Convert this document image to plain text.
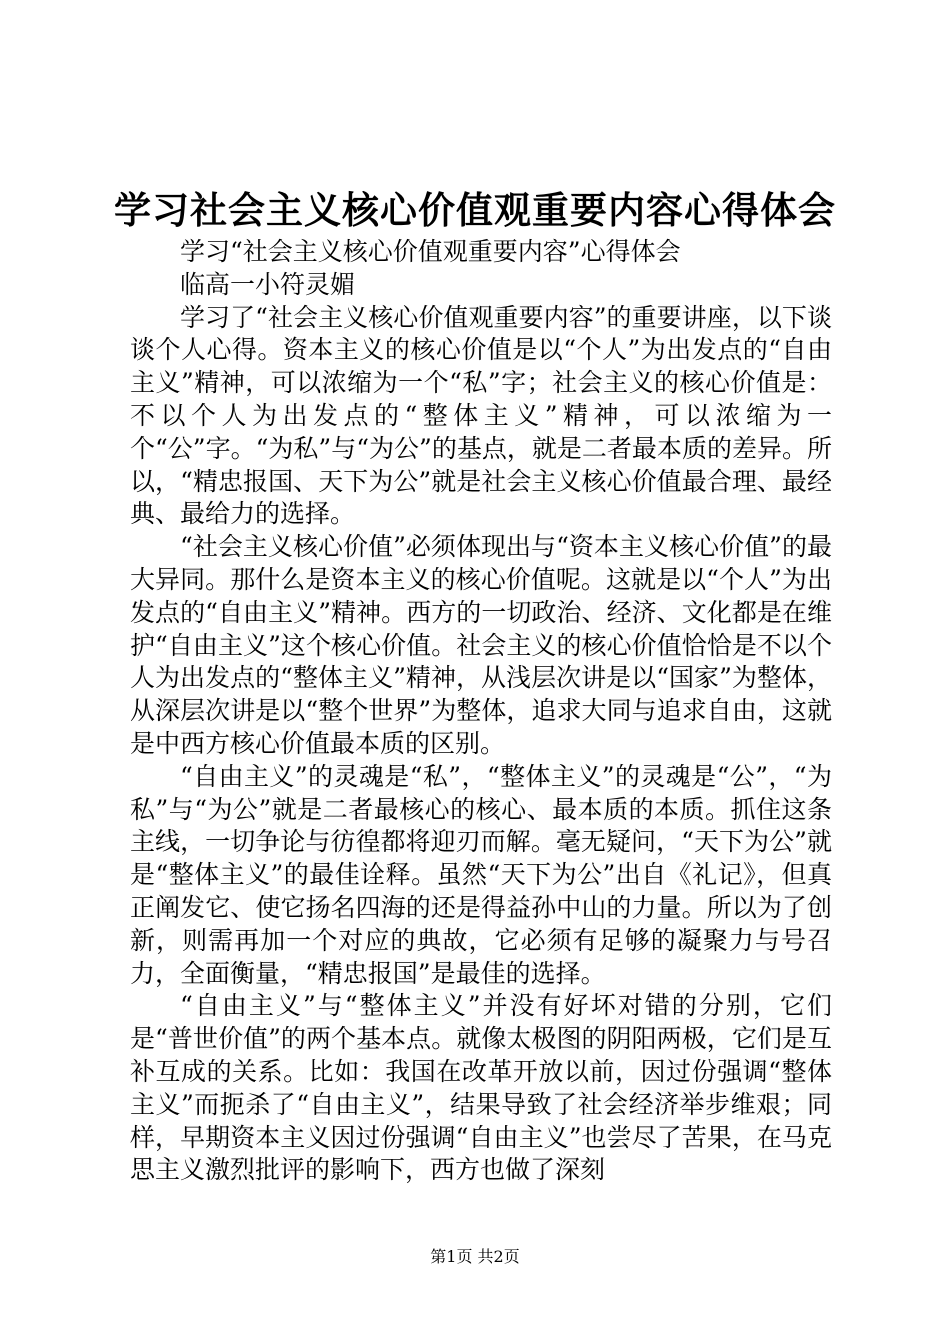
学习社会主义核心价值观重要内容心得体会

学习“社会主义核心价值观重要内容”心得体会

临高一小符灵媚

学习了“社会主义核心价值观重要内容”的重要讲座，以下谈谈个人心得。资本主义的核心价值是以“个人”为出发点的“自由主义”精神，可以浓缩为一个“私”字；社会主义的核心价值是：不以个人为出发点的“整体主义”精神，可以浓缩为一个“公”字。“为私”与“为公”的基点，就是二者最本质的差异。所以，“精忠报国、天下为公”就是社会主义核心价值最合理、最经典、最给力的选择。

“社会主义核心价值”必须体现出与“资本主义核心价值”的最大异同。那什么是资本主义的核心价值呢。这就是以“个人”为出发点的“自由主义”精神。西方的一切政治、经济、文化都是在维护“自由主义”这个核心价值。社会主义的核心价值恰恰是不以个人为出发点的“整体主义”精神，从浅层次讲是以“国家”为整体，从深层次讲是以“整个世界”为整体，追求大同与追求自由，这就是中西方核心价值最本质的区别。

“自由主义”的灵魂是“私”，“整体主义”的灵魂是“公”，“为私”与“为公”就是二者最核心的核心、最本质的本质。抓住这条主线，一切争论与彷徨都将迎刃而解。毫无疑问，“天下为公”就是“整体主义”的最佳诠释。虽然“天下为公”出自《礼记》，但真正阐发它、使它扬名四海的还是得益孙中山的力量。所以为了创新，则需再加一个对应的典故，它必须有足够的凝聚力与号召力，全面衡量，“精忠报国”是最佳的选择。

“自由主义”与“整体主义”并没有好坏对错的分别，它们是“普世价值”的两个基本点。就像太极图的阴阳两极，它们是互补互成的关系。比如：我国在改革开放以前，因过份强调“整体主义”而扼杀了“自由主义”，结果导致了社会经济举步维艰；同样，早期资本主义因过份强调“自由主义”也尝尽了苦果，在马克思主义激烈批评的影响下，西方也做了深刻

第1页 共2页
